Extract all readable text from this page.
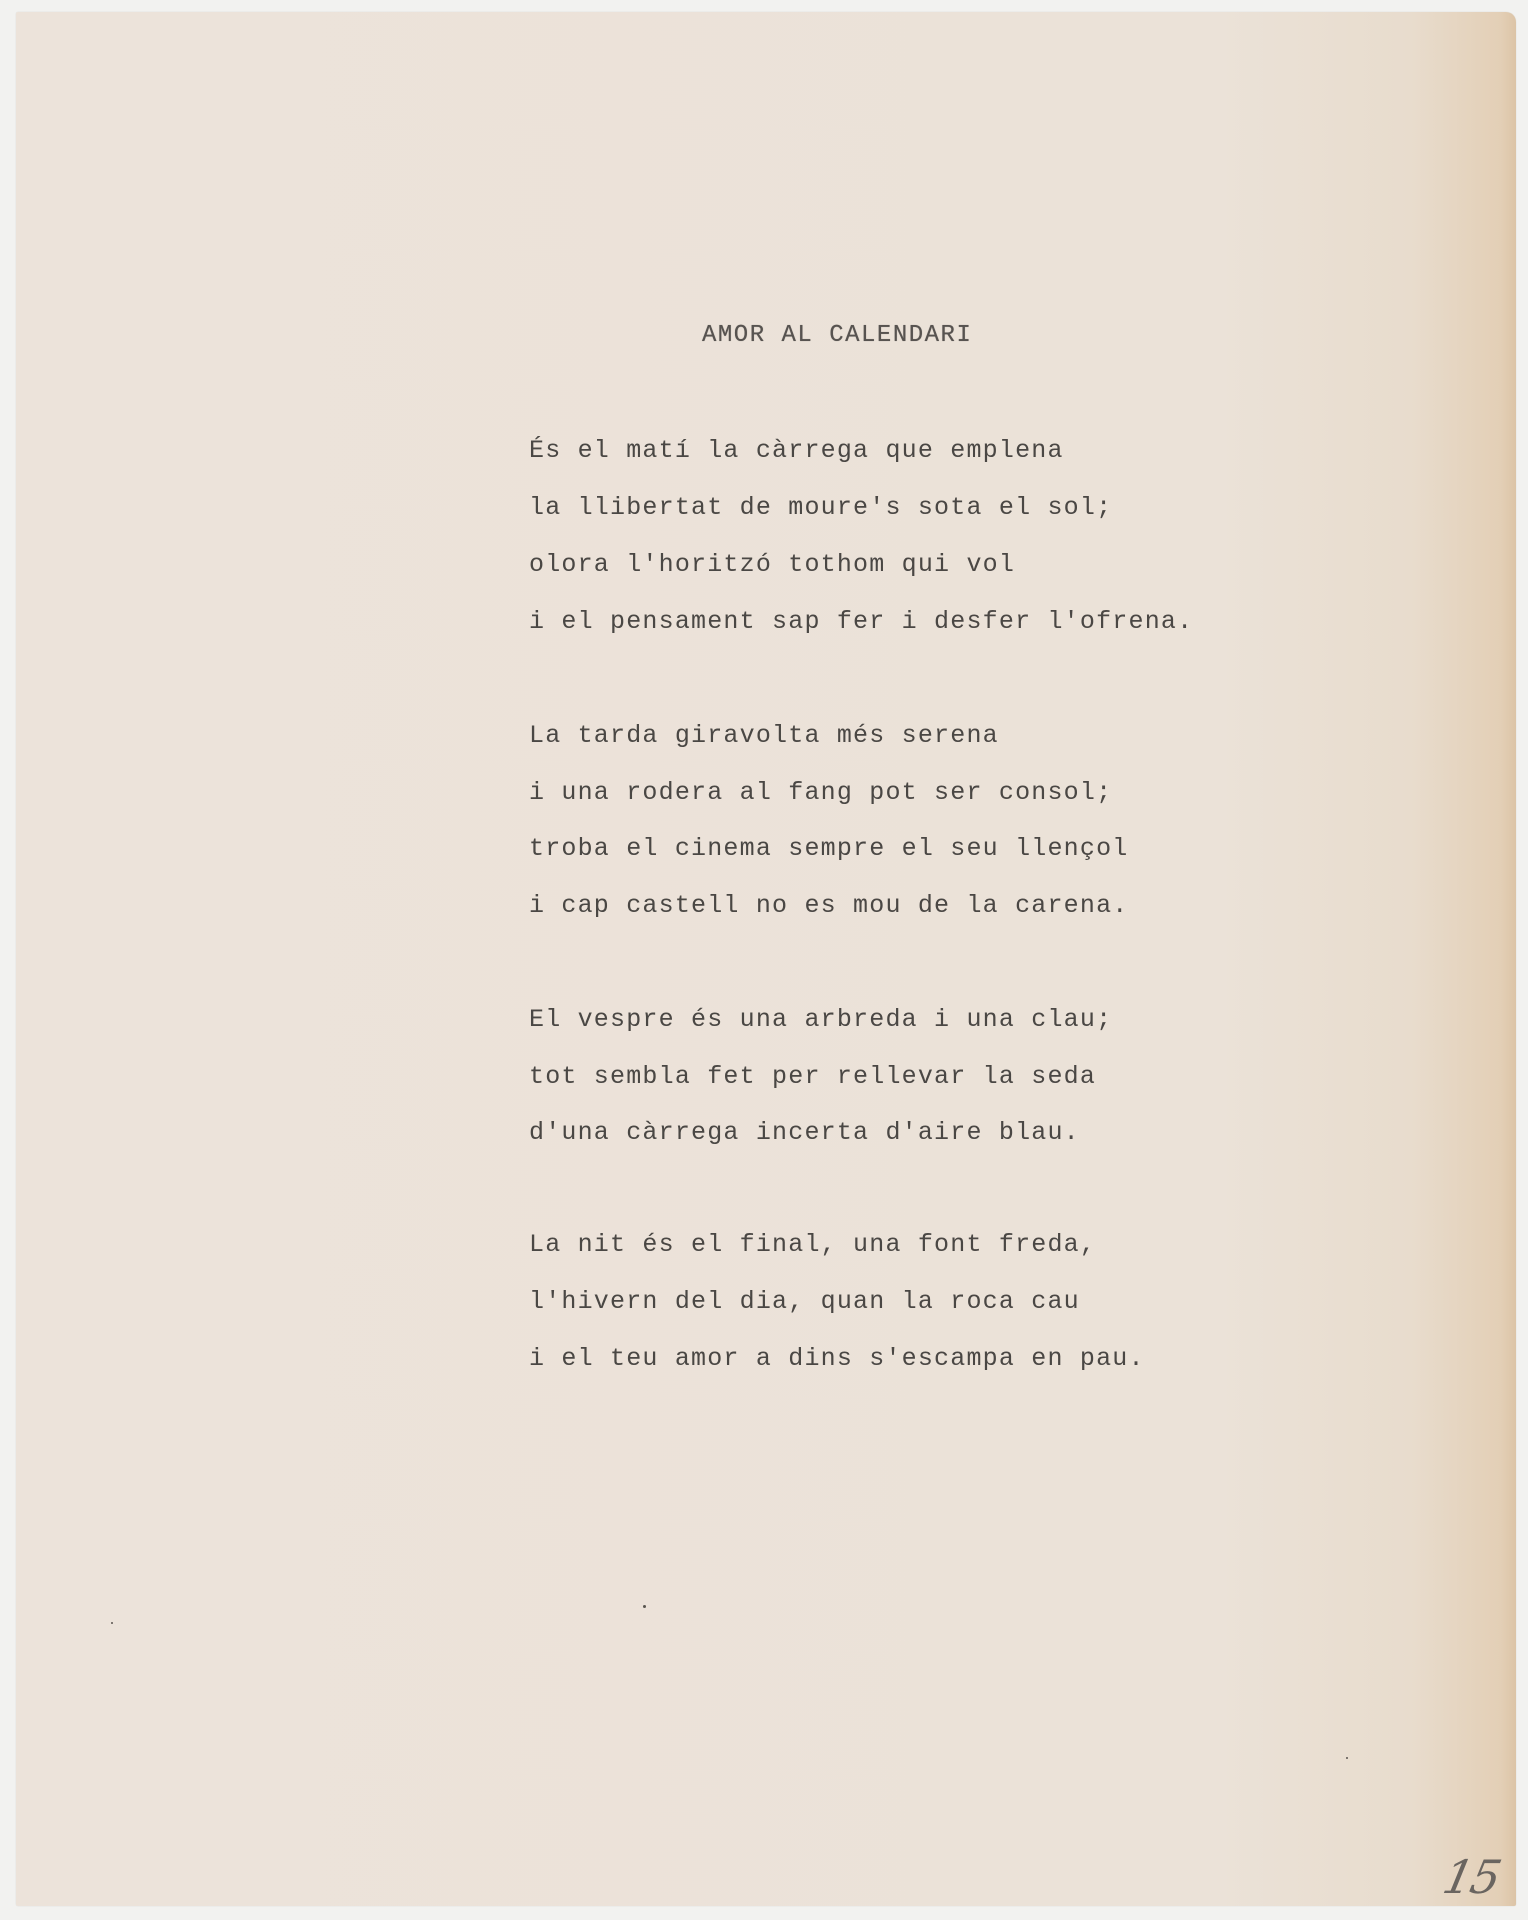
AMOR AL CALENDARI
És el matí la càrrega que emplena
la llibertat de moure's sota el sol;
olora l'horitzó tothom qui vol
i el pensament sap fer i desfer l'ofrena.
La tarda giravolta més serena
i una rodera al fang pot ser consol;
troba el cinema sempre el seu llençol
i cap castell no es mou de la carena.
El vespre és una arbreda i una clau;
tot sembla fet per rellevar la seda
d'una càrrega incerta d'aire blau.
La nit és el final, una font freda,
l'hivern del dia, quan la roca cau
i el teu amor a dins s'escampa en pau.
15
